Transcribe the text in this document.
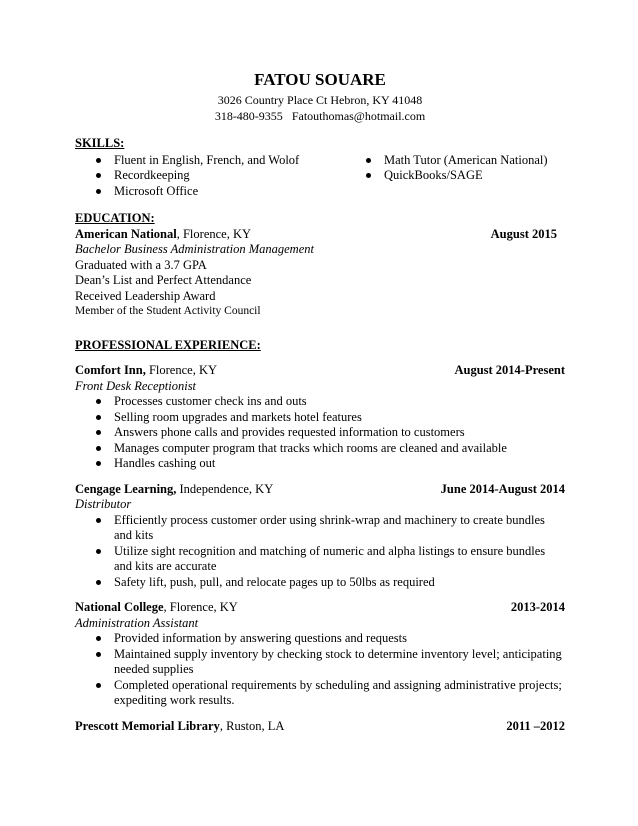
FATOU SOUARE
3026 Country Place Ct Hebron, KY 41048
318-480-9355 Fatouthomas@hotmail.com
SKILLS:
Fluent in English, French, and Wolof
Recordkeeping
Microsoft Office
Math Tutor (American National)
QuickBooks/SAGE
EDUCATION:
American National, Florence, KY	August 2015
Bachelor Business Administration Management
Graduated with a 3.7 GPA
Dean’s List and Perfect Attendance
Received Leadership Award
Member of the Student Activity Council
PROFESSIONAL EXPERIENCE:
Comfort Inn, Florence, KY	August 2014-Present
Front Desk Receptionist
Processes customer check ins and outs
Selling room upgrades and markets hotel features
Answers phone calls and provides requested information to customers
Manages computer program that tracks which rooms are cleaned and available
Handles cashing out
Cengage Learning, Independence, KY	June 2014-August 2014
Distributor
Efficiently process customer order using shrink-wrap and machinery to create bundles and kits
Utilize sight recognition and matching of numeric and alpha listings to ensure bundles and kits are accurate
Safety lift, push, pull, and relocate pages up to 50lbs as required
National College, Florence, KY	2013-2014
Administration Assistant
Provided information by answering questions and requests
Maintained supply inventory by checking stock to determine inventory level; anticipating needed supplies
Completed operational requirements by scheduling and assigning administrative projects; expediting work results.
Prescott Memorial Library, Ruston, LA	2011 –2012
